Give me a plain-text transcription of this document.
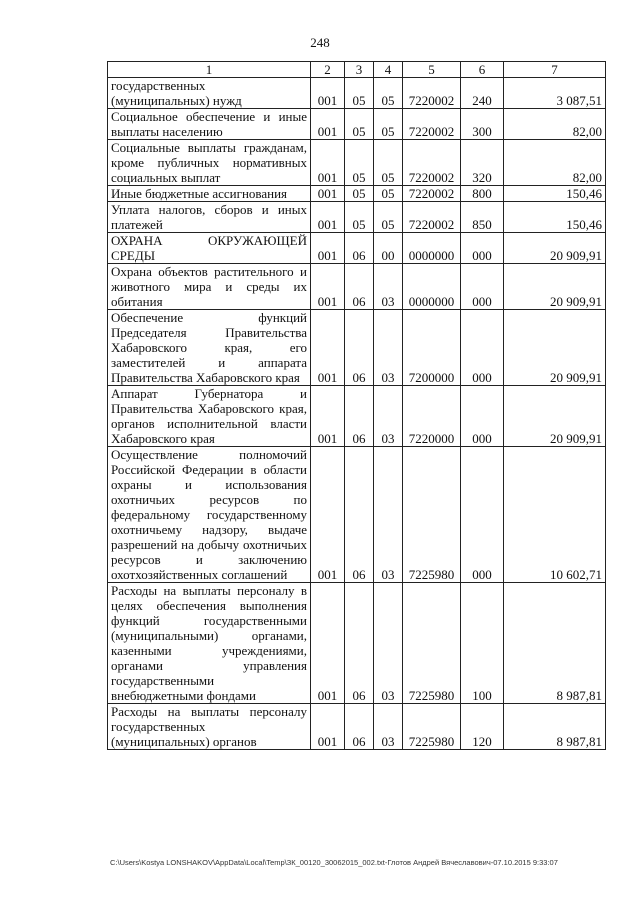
248
1	2	3	4	5	6	7
государственных (муниципальных) нужд	001	05	05	7220002	240	3 087,51
Социальное обеспечение и иные выплаты населению	001	05	05	7220002	300	82,00
Социальные выплаты гражданам, кроме публичных нормативных социальных выплат	001	05	05	7220002	320	82,00
Иные бюджетные ассигнования	001	05	05	7220002	800	150,46
Уплата налогов, сборов и иных платежей	001	05	05	7220002	850	150,46
ОХРАНА ОКРУЖАЮЩЕЙ СРЕДЫ	001	06	00	0000000	000	20 909,91
Охрана объектов растительного и животного мира и среды их обитания	001	06	03	0000000	000	20 909,91
Обеспечение функций Председателя Правительства Хабаровского края, его заместителей и аппарата Правительства Хабаровского края	001	06	03	7200000	000	20 909,91
Аппарат Губернатора и Правительства Хабаровского края, органов исполнительной власти Хабаровского края	001	06	03	7220000	000	20 909,91
Осуществление полномочий Российской Федерации в области охраны и использования охотничьих ресурсов по федеральному государственному охотничьему надзору, выдаче разрешений на добычу охотничьих ресурсов и заключению охотхозяйственных соглашений	001	06	03	7225980	000	10 602,71
Расходы на выплаты персоналу в целях обеспечения выполнения функций государственными (муниципальными) органами, казенными учреждениями, органами управления государственными внебюджетными фондами	001	06	03	7225980	100	8 987,81
Расходы на выплаты персоналу государственных (муниципальных) органов	001	06	03	7225980	120	8 987,81
C:\Users\Kostya LONSHAKOV\AppData\Local\Temp\ЗК_00120_30062015_002.txt-Глотов Андрей Вячеславович-07.10.2015 9:33:07
